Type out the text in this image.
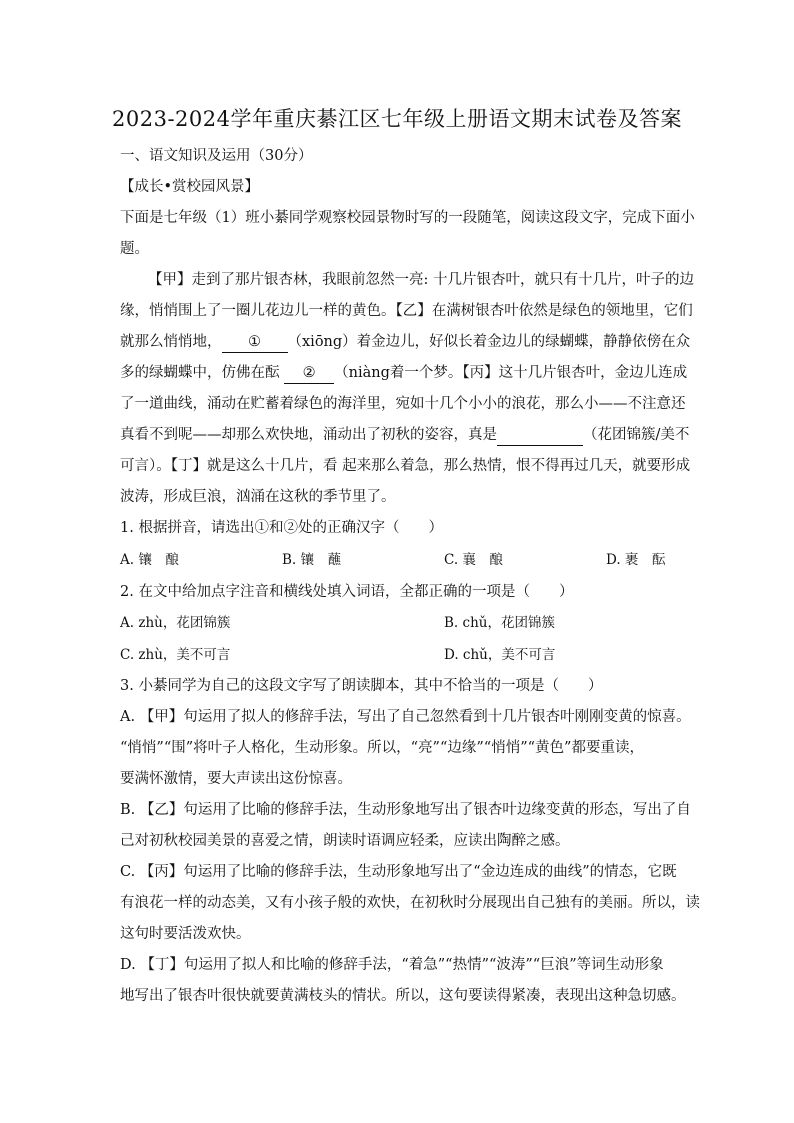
2023-2024学年重庆綦江区七年级上册语文期末试卷及答案
一、语文知识及运用（30分）
【成长•赏校园风景】
下面是七年级（1）班小綦同学观察校园景物时写的一段随笔，阅读这段文字，完成下面小
题。
【甲】走到了那片银杏林，我眼前忽然一亮: 十几片银杏叶，就只有十几片，叶子的边
缘，悄悄围上了一圈儿花边儿一样的黄色。【乙】在满树银杏叶依然是绿色的领地里，它们
就那么悄悄地， ① （xiōng）着金边儿，好似长着金边儿的绿蝴蝶，静静依傍在众
多的绿蝴蝶中，仿佛在酝 ② （niàng着一个梦。【丙】这十几片银杏叶，金边儿连成
了一道曲线，涌动在贮蓄着绿色的海洋里，宛如十几个小小的浪花，那么小——不注意还
真看不到呢——却那么欢快地，涌动出了初秋的姿容，真是	（花团锦簇/美不
可言）。【丁】就是这么十几片，看 起来那么着急，那么热情，恨不得再过几天，就要形成
波涛，形成巨浪，汹涌在这秋的季节里了。
1. 根据拼音，请选出①和②处的正确汉字（　　）
A. 镶　酿	B. 镶　蘸	C. 襄　酿	D. 裹　酝
2. 在文中给加点字注音和横线处填入词语，全都正确的一项是（　　）
A. zhù，花团锦簇	B. chǔ，花团锦簇
C. zhù，美不可言	D. chǔ，美不可言
3. 小綦同学为自己的这段文字写了朗读脚本，其中不恰当的一项是（　　）
A. 【甲】句运用了拟人的修辞手法，写出了自己忽然看到十几片银杏叶刚刚变黄的惊喜。
“悄悄”“围”将叶子人格化，生动形象。所以，“亮”“边缘”“悄悄”“黄色”都要重读，
要满怀激情，要大声读出这份惊喜。
B. 【乙】句运用了比喻的修辞手法，生动形象地写出了银杏叶边缘变黄的形态，写出了自
己对初秋校园美景的喜爱之情，朗读时语调应轻柔，应读出陶醉之感。
C. 【丙】句运用了比喻的修辞手法，生动形象地写出了“金边连成的曲线”的情态，它既
有浪花一样的动态美，又有小孩子般的欢快，在初秋时分展现出自己独有的美丽。所以，读
这句时要活泼欢快。
D. 【丁】句运用了拟人和比喻的修辞手法，“着急”“热情”“波涛”“巨浪”等词生动形象
地写出了银杏叶很快就要黄满枝头的情状。所以，这句要读得紧凑，表现出这种急切感。
